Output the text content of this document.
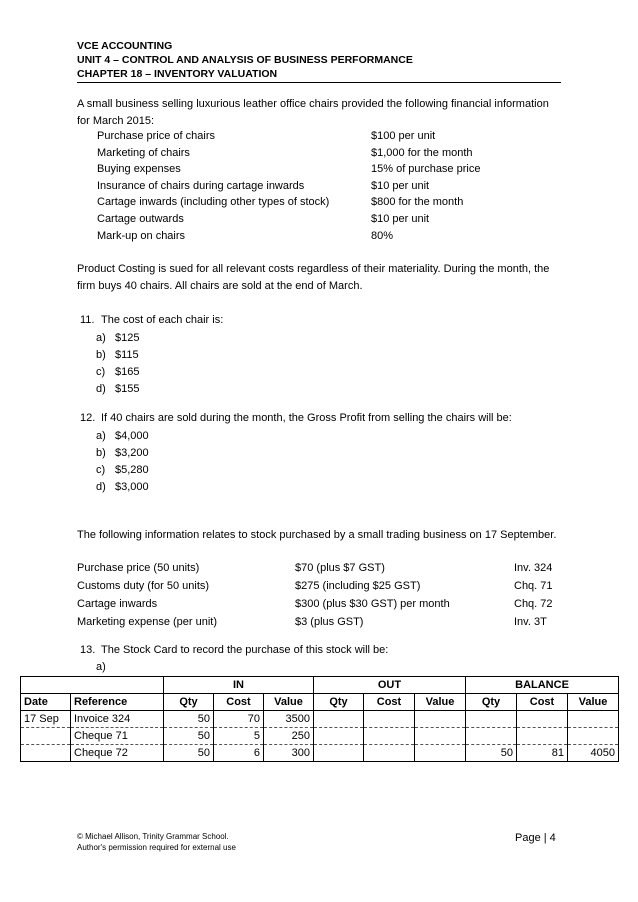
VCE ACCOUNTING
UNIT 4 – CONTROL AND ANALYSIS OF BUSINESS PERFORMANCE
CHAPTER 18 – INVENTORY VALUATION
A small business selling luxurious leather office chairs provided the following financial information
for March 2015:
Purchase price of chairs	$100 per unit
Marketing of chairs	$1,000 for the month
Buying expenses	15% of purchase price
Insurance of chairs during cartage inwards	$10 per unit
Cartage inwards (including other types of stock)	$800 for the month
Cartage outwards	$10 per unit
Mark-up on chairs	80%
Product Costing is sued for all relevant costs regardless of their materiality. During the month, the
firm buys 40 chairs. All chairs are sold at the end of March.
11. The cost of each chair is:
a) $125
b) $115
c) $165
d) $155
12. If 40 chairs are sold during the month, the Gross Profit from selling the chairs will be:
a) $4,000
b) $3,200
c) $5,280
d) $3,000
The following information relates to stock purchased by a small trading business on 17 September.
Purchase price (50 units)	$70 (plus $7 GST)	Inv. 324
Customs duty (for 50 units)	$275 (including $25 GST)	Chq. 71
Cartage inwards	$300 (plus $30 GST) per month	Chq. 72
Marketing expense (per unit)	$3 (plus GST)	Inv. 3T
13. The Stock Card to record the purchase of this stock will be:
a)
		IN			OUT			BALANCE		
Date	Reference	Qty	Cost	Value	Qty	Cost	Value	Qty	Cost	Value
17 Sep	Invoice 324	50	70	3500						
	Cheque 71	50	5	250						
	Cheque 72	50	6	300				50	81	4050
© Michael Allison, Trinity Grammar School.
Author's permission required for external use
Page | 4
